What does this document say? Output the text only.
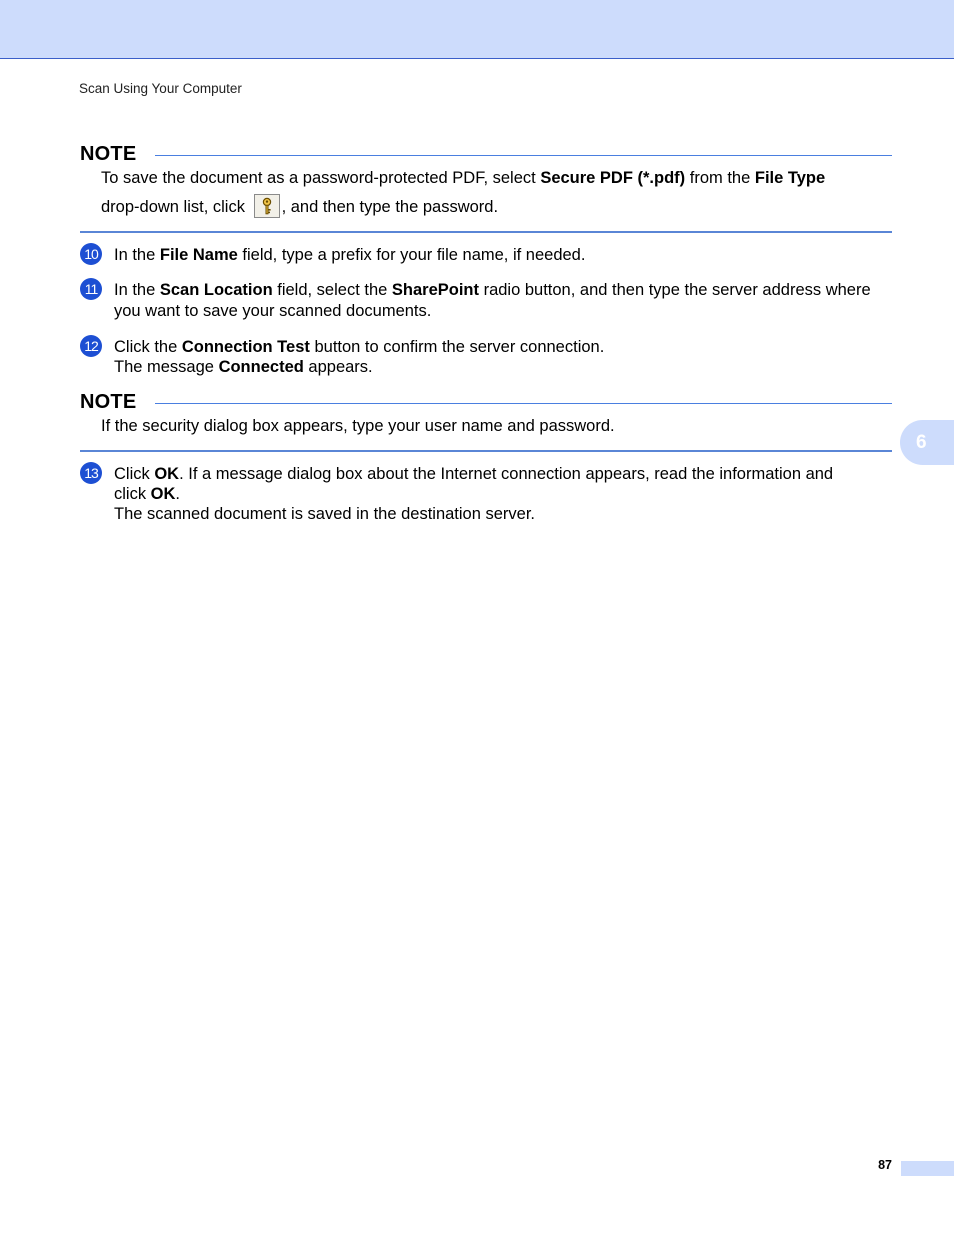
Scan Using Your Computer
NOTE
To save the document as a password-protected PDF, select Secure PDF (*.pdf) from the File Type
drop-down list, click
, and then type the password.
10 In the File Name field, type a prefix for your file name, if needed.
11 In the Scan Location field, select the SharePoint radio button, and then type the server address where
you want to save your scanned documents.
12 Click the Connection Test button to confirm the server connection.
The message Connected appears.
NOTE
If the security dialog box appears, type your user name and password.
13 Click OK. If a message dialog box about the Internet connection appears, read the information and
click OK.
The scanned document is saved in the destination server.
6
87
